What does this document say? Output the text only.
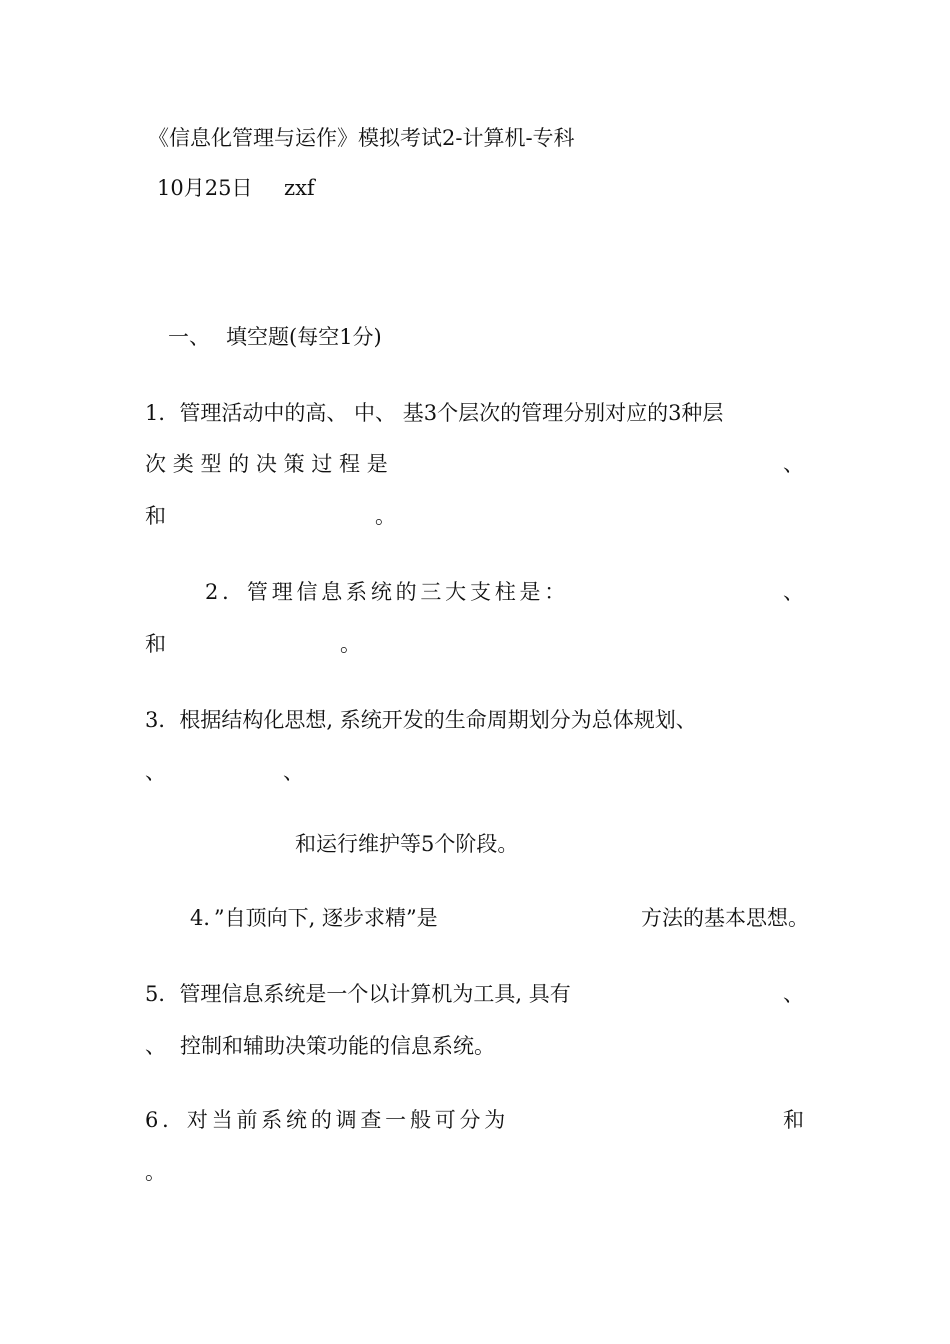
《信息化管理与运作》模拟考试2-计算机-专科
10月25日 zxf
一、 填空题(每空1分)
1．管理活动中的高、 中、 基3个层次的管理分别对应的3种层
次类型的决策过程是	、
和	。
2．管理信息系统的三大支柱是：	、
和	。
3．根据结构化思想, 系统开发的生命周期划分为总体规划、
、	、
和运行维护等5个阶段。
4．”自顶向下, 逐步求精”是	方法的基本思想。
5．管理信息系统是一个以计算机为工具, 具有	、
、 控制和辅助决策功能的信息系统。
6．对当前系统的调查一般可分为	和
。
